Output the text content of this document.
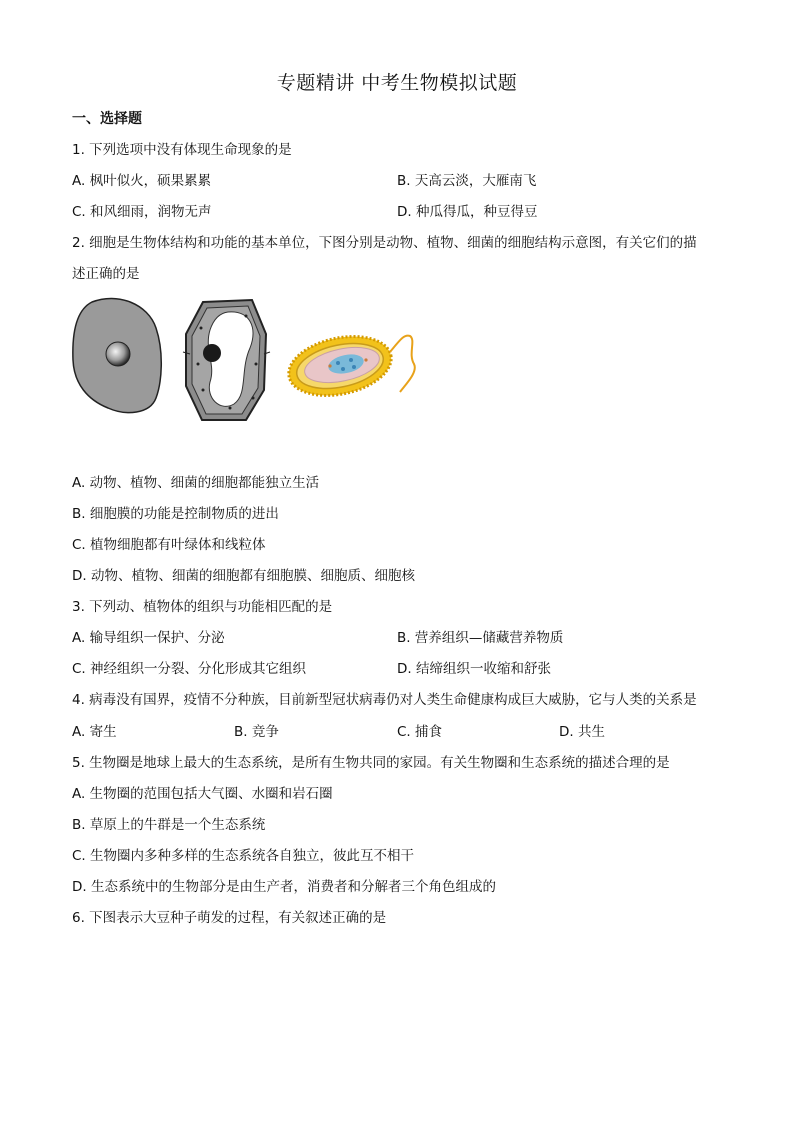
专题精讲 中考生物模拟试题
一、选择题
1. 下列选项中没有体现生命现象的是
A. 枫叶似火，硕果累累	B. 天高云淡，大雁南飞
C. 和风细雨，润物无声	D. 种瓜得瓜，种豆得豆
2. 细胞是生物体结构和功能的基本单位，下图分别是动物、植物、细菌的细胞结构示意图，有关它们的描
述正确的是
A. 动物、植物、细菌的细胞都能独立生活
B. 细胞膜的功能是控制物质的进出
C. 植物细胞都有叶绿体和线粒体
D. 动物、植物、细菌的细胞都有细胞膜、细胞质、细胞核
3. 下列动、植物体的组织与功能相匹配的是
A. 输导组织一保护、分泌	B. 营养组织—储藏营养物质
C. 神经组织一分裂、分化形成其它组织	D. 结缔组织一收缩和舒张
4. 病毒没有国界，疫情不分种族，目前新型冠状病毒仍对人类生命健康构成巨大威胁，它与人类的关系是
A. 寄生	B. 竞争	C. 捕食	D. 共生
5. 生物圈是地球上最大的生态系统，是所有生物共同的家园。有关生物圈和生态系统的描述合理的是
A. 生物圈的范围包括大气圈、水圈和岩石圈
B. 草原上的牛群是一个生态系统
C. 生物圈内多种多样的生态系统各自独立，彼此互不相干
D. 生态系统中的生物部分是由生产者，消费者和分解者三个角色组成的
6. 下图表示大豆种子萌发的过程，有关叙述正确的是
